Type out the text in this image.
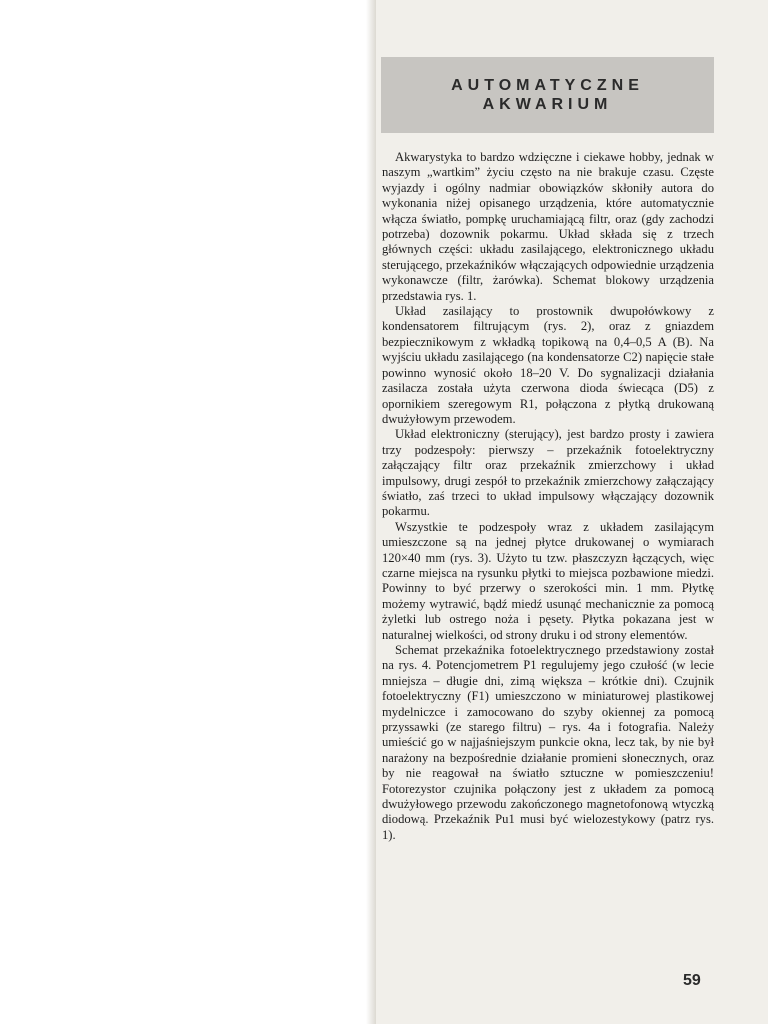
AUTOMATYCZNE
AKWARIUM

Akwarystyka to bardzo wdzięczne i ciekawe hobby, jednak w naszym „wartkim” życiu często na nie brakuje czasu. Częste wyjazdy i ogólny nadmiar obowiązków skłoniły autora do wykonania niżej opisanego urządzenia, które automatycznie włącza światło, pompkę uruchamiającą filtr, oraz (gdy zachodzi potrzeba) dozownik pokarmu. Układ składa się z trzech głównych części: układu zasilającego, elektronicznego układu sterującego, przekaźników włączających odpowiednie urządzenia wykonawcze (filtr, żarówka). Schemat blokowy urządzenia przedstawia rys. 1.

Układ zasilający to prostownik dwupołówkowy z kondensatorem filtrującym (rys. 2), oraz z gniazdem bezpiecznikowym z wkładką topikową na 0,4–0,5 A (B). Na wyjściu układu zasilającego (na kondensatorze C2) napięcie stałe powinno wynosić około 18–20 V. Do sygnalizacji działania zasilacza została użyta czerwona dioda świecąca (D5) z opornikiem szeregowym R1, połączona z płytką drukowaną dwużyłowym przewodem.

Układ elektroniczny (sterujący), jest bardzo prosty i zawiera trzy podzespoły: pierwszy – przekaźnik fotoelektryczny załączający filtr oraz przekaźnik zmierzchowy i układ impulsowy, drugi zespół to przekaźnik zmierzchowy załączający światło, zaś trzeci to układ impulsowy włączający dozownik pokarmu.

Wszystkie te podzespoły wraz z układem zasilającym umieszczone są na jednej płytce drukowanej o wymiarach 120×40 mm (rys. 3). Użyto tu tzw. płaszczyzn łączących, więc czarne miejsca na rysunku płytki to miejsca pozbawione miedzi. Powinny to być przerwy o szerokości min. 1 mm. Płytkę możemy wytrawić, bądź miedź usunąć mechanicznie za pomocą żyletki lub ostrego noża i pęsety. Płytka pokazana jest w naturalnej wielkości, od strony druku i od strony elementów.

Schemat przekaźnika fotoelektrycznego przedstawiony został na rys. 4. Potencjometrem P1 regulujemy jego czułość (w lecie mniejsza – długie dni, zimą większa – krótkie dni). Czujnik fotoelektryczny (F1) umieszczono w miniaturowej plastikowej mydelniczce i zamocowano do szyby okiennej za pomocą przyssawki (ze starego filtru) – rys. 4a i fotografia. Należy umieścić go w najjaśniejszym punkcie okna, lecz tak, by nie był narażony na bezpośrednie działanie promieni słonecznych, oraz by nie reagował na światło sztuczne w pomieszczeniu! Fotorezystor czujnika połączony jest z układem za pomocą dwużyłowego przewodu zakończonego magnetofonową wtyczką diodową. Przekaźnik Pu1 musi być wielozestykowy (patrz rys. 1).

59
